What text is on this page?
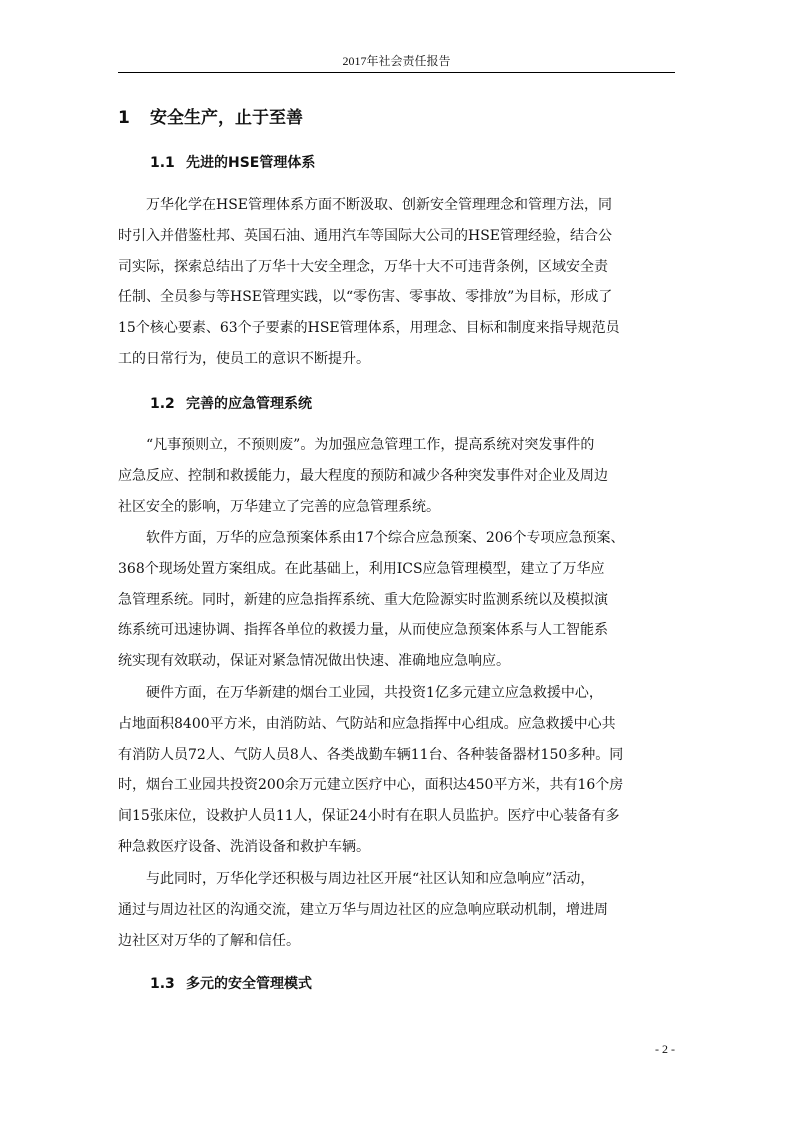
2017年社会责任报告
1 安全生产，止于至善
1.1 先进的HSE管理体系
万华化学在HSE管理体系方面不断汲取、创新安全管理理念和管理方法，同
时引入并借鉴杜邦、英国石油、通用汽车等国际大公司的HSE管理经验，结合公
司实际，探索总结出了万华十大安全理念，万华十大不可违背条例，区域安全责
任制、全员参与等HSE管理实践，以“零伤害、零事故、零排放”为目标，形成了
15个核心要素、63个子要素的HSE管理体系，用理念、目标和制度来指导规范员
工的日常行为，使员工的意识不断提升。
1.2 完善的应急管理系统
“凡事预则立，不预则废”。为加强应急管理工作，提高系统对突发事件的
应急反应、控制和救援能力，最大程度的预防和减少各种突发事件对企业及周边
社区安全的影响，万华建立了完善的应急管理系统。
软件方面，万华的应急预案体系由17个综合应急预案、206个专项应急预案、
368个现场处置方案组成。在此基础上，利用ICS应急管理模型，建立了万华应
急管理系统。同时，新建的应急指挥系统、重大危险源实时监测系统以及模拟演
练系统可迅速协调、指挥各单位的救援力量，从而使应急预案体系与人工智能系
统实现有效联动，保证对紧急情况做出快速、准确地应急响应。
硬件方面，在万华新建的烟台工业园，共投资1亿多元建立应急救援中心，
占地面积8400平方米，由消防站、气防站和应急指挥中心组成。应急救援中心共
有消防人员72人、气防人员8人、各类战勤车辆11台、各种装备器材150多种。同
时，烟台工业园共投资200余万元建立医疗中心，面积达450平方米，共有16个房
间15张床位，设救护人员11人，保证24小时有在职人员监护。医疗中心装备有多
种急救医疗设备、洗消设备和救护车辆。
与此同时，万华化学还积极与周边社区开展“社区认知和应急响应”活动，
通过与周边社区的沟通交流，建立万华与周边社区的应急响应联动机制，增进周
边社区对万华的了解和信任。
1.3 多元的安全管理模式
- 2 -
